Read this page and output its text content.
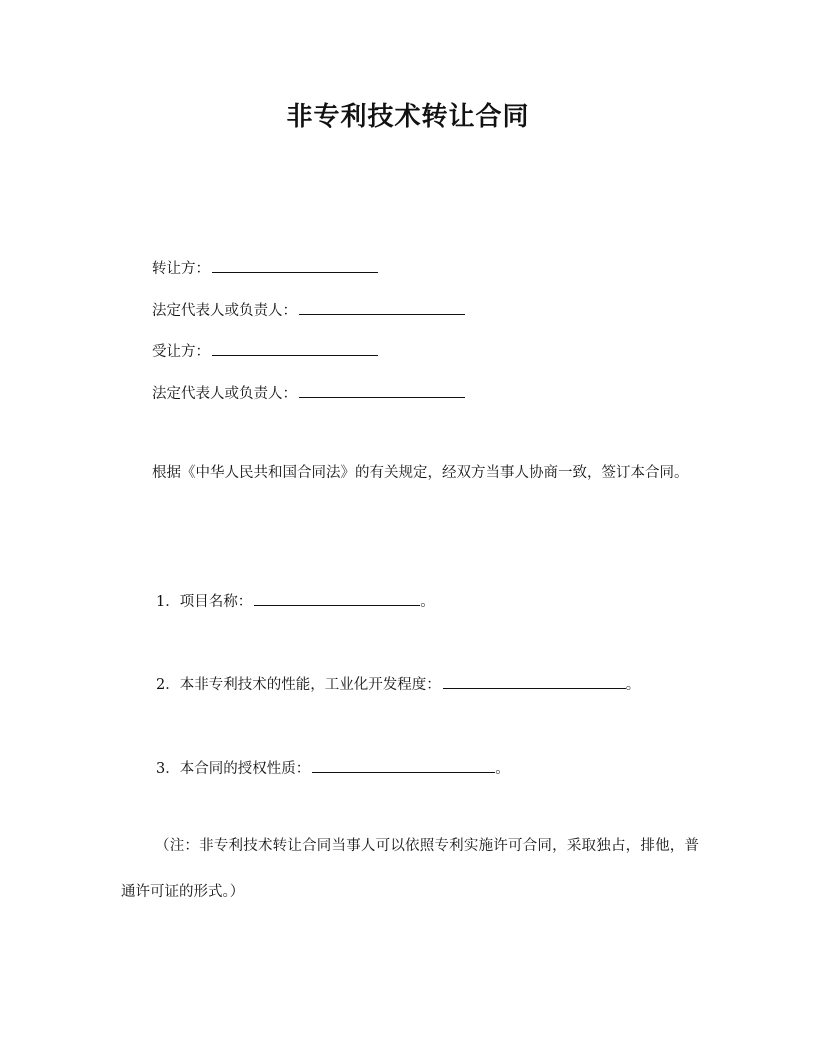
非专利技术转让合同
转让方：
法定代表人或负责人：
受让方：
法定代表人或负责人：
根据《中华人民共和国合同法》的有关规定，经双方当事人协商一致，签订本合同。
1．项目名称：	。
2．本非专利技术的性能，工业化开发程度：	。
3．本合同的授权性质：	。
（注：非专利技术转让合同当事人可以依照专利实施许可合同，采取独占，排他，普通许可证的形式。）
